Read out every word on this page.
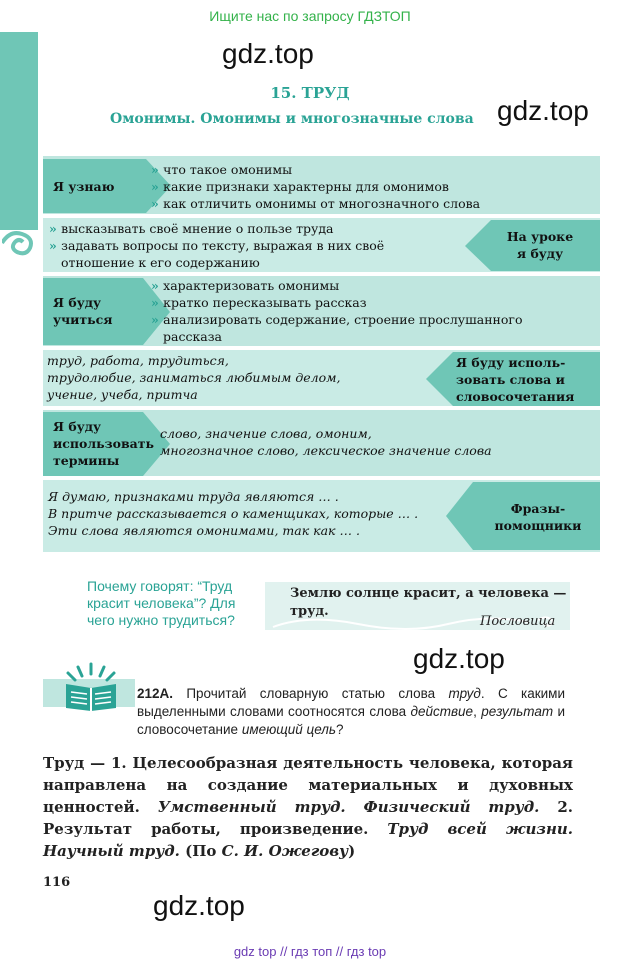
Ищите нас по запросу ГДЗТОП
gdz.top
gdz.top
gdz.top
gdz.top
15. ТРУД
Омонимы. Омонимы и многозначные слова
Я узнаю
» что такое омонимы
» какие признаки характерны для омонимов
» как отличить омонимы от многозначного слова
» высказывать своё мнение о пользе труда
» задавать вопросы по тексту, выражая в них своё
отношение к его содержанию
На уроке
я буду
Я буду
учиться
» характеризовать омонимы
» кратко пересказывать рассказ
» анализировать содержание, строение прослушанного
рассказа
труд, работа, трудиться,
трудолюбие, заниматься любимым делом,
учение, учеба, притча
Я буду исполь-
зовать слова и
словосочетания
Я буду
использовать
термины
слово, значение слова, омоним,
многозначное слово, лексическое значение слова
Я думаю, признаками труда являются … .
В притче рассказывается о каменщиках, которые … .
Эти слова являются омонимами, так как … .
Фразы-
помощники
Почему говорят: “Труд красит человека”? Для чего нужно трудиться?
Землю солнце красит, а человека — труд.
Пословица
212А. Прочитай словарную статью слова труд. С какими выделенными словами соотносятся слова действие, результат и словосочетание имеющий цель?
Труд — 1. Целесообразная деятельность человека, которая направлена на создание материальных и духовных ценностей. Умственный труд. Физический труд. 2. Результат работы, произведение. Труд всей жизни. Научный труд. (По С. И. Ожегову)
116
gdz top // гдз топ // гдз top
